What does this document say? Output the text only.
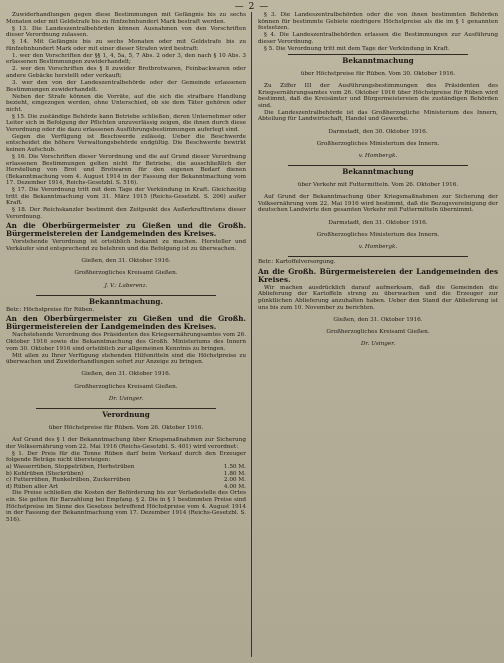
— 2 —

Zuwiderhandlungen gegen diese Bestimmungen mit Gefängnis bis zu sechs Monaten oder mit Geldstrafe bis zu fünfzehnhundert Mark bestraft werden.

§ 13. Die Landeszentralbehörden können Ausnahmen von den Vorschriften dieser Verordnung zulassen.

§ 14. Mit Gefängnis bis zu sechs Monaten oder mit Geldstrafe bis zu fünfzehnhundert Mark oder mit einer dieser Strafen wird bestraft:

1. wer den Vorschriften der §§ 1, 4, 5a, 5, 7 Abs. 2 oder 3, den nach § 10 Abs. 3 erlassenen Bestimmungen zuwiderhandelt;

2. wer den Vorschriften des § 8 zuwider Brotbrotwaren, Feinbackwaren oder andere Gebäcke herstellt oder verkauft;

3. wer den von der Landeszentralbehörde oder der Gemeinde erlassenen Bestimmungen zuwiderhandelt.

Neben der Strafe können die Vorräte, auf die sich die strafbare Handlung bezieht, eingezogen werden, ohne Unterschied, ob sie dem Täter gehören oder nicht.

§ 15. Die zuständige Behörde kann Betriebe schließen, deren Unternehmer oder Leiter sich in Befolgung der Pflichten unzuverlässig zeigen, die ihnen durch diese Verordnung oder die dazu erlassenen Ausführungsbestimmungen auferlegt sind.

Gegen die Verfügung ist Beschwerde zulässig. Ueber die Beschwerde entscheidet die höhere Verwaltungsbehörde endgültig. Die Beschwerde bewirkt keinen Aufschub.

§ 16. Die Vorschriften dieser Verordnung und die auf Grund dieser Verordnung erlassenen Bestimmungen gelten nicht für Betriebe, die ausschließlich der Herstellung von Brot und Brotwaren für den eigenen Bedarf dienen (Bekanntmachung vom 4. August 1914 in der Fassung der Bekanntmachung vom 17. Dezember 1914, Reichs-Gesetzbl. S. 516).

§ 17. Die Verordnung tritt mit dem Tage der Verkündung in Kraft. Gleichzeitig tritt die Bekanntmachung vom 31. März 1915 (Reichs-Gesetzbl. S. 206) außer Kraft.

§ 18. Der Reichskanzler bestimmt den Zeitpunkt des Außerkrafttretens dieser Verordnung.

An die Oberbürgermeister zu Gießen und die Großh. Bürgermeistereien der Landgemeinden des Kreises.

Vorstehende Verordnung ist ortsüblich bekannt zu machen. Hersteller und Verkäufer sind entsprechend zu belehren und die Befolgung ist zu überwachen.

Gießen, den 31. Oktober 1916.

Großherzogliches Kreisamt Gießen.

J. V.: Laberenz.

Bekanntmachung.

Betr.: Höchstpreise für Rüben.

An den Oberbürgermeister zu Gießen und die Großh. Bürgermeistereien der Landgemeinden des Kreises.

Nachstehende Verordnung des Präsidenten des Kriegsernährungsamtes vom 26. Oktober 1916 sowie die Bekanntmachung des Großh. Ministeriums des Innern vom 30. Oktober 1916 sind ortsüblich zur allgemeinen Kenntnis zu bringen.

Mit allen zu Ihrer Verfügung stehenden Hilfsmitteln sind die Höchstpreise zu überwachen und Zuwiderhandlungen sofort zur Anzeige zu bringen.

Gießen, den 31. Oktober 1916.

Großherzogliches Kreisamt Gießen.

Dr. Usinger.

Verordnung

über Höchstpreise für Rüben. Vom 26. Oktober 1916.

Auf Grund des § 1 der Bekanntmachung über Kriegsmaßnahmen zur Sicherung der Volksernährung vom 22. Mai 1916 (Reichs-Gesetzbl. S. 401) wird verordnet:

§ 1. Der Preis für die Tonne Rüben darf beim Verkauf durch den Erzeuger folgende Beträge nicht übersteigen:

a) Wasserrüben, Stoppelrüben, Herbstrüben	1.50 M.
b) Kohlrüben (Steckrüben)	1.80 M.
c) Futterrüben, Runkelrüben, Zuckerrüben	2.00 M.
d) Rüben aller Art	4.00 M.

Die Preise schließen die Kosten der Beförderung bis zur Verladestelle des Ortes ein. Sie gelten für Barzahlung bei Empfang. § 2. Die in § 1 bestimmten Preise sind Höchstpreise im Sinne des Gesetzes betreffend Höchstpreise vom 4. August 1914 in der Fassung der Bekanntmachung vom 17. Dezember 1914 (Reichs-Gesetzbl. S. 516).

§ 3. Die Landeszentralbehörden oder die von ihnen bestimmten Behörden können für bestimmte Gebiete niedrigere Höchstpreise als die im § 1 genannten festsetzen.

§ 4. Die Landeszentralbehörden erlassen die Bestimmungen zur Ausführung dieser Verordnung.

§ 5. Die Verordnung tritt mit dem Tage der Verkündung in Kraft.

Bekanntmachung

über Höchstpreise für Rüben. Vom 30. Oktober 1916.

Zu Ziffer III der Ausführungsbestimmungen des Präsidenten des Kriegsernährungsamtes vom 26. Oktober 1916 über Höchstpreise für Rüben wird bestimmt, daß die Kreisämter und Bürgermeistereien die zuständigen Behörden sind.

Die Landeszentralbehörde ist das Großherzogliche Ministerium des Innern, Abteilung für Landwirtschaft, Handel und Gewerbe.

Darmstadt, den 30. Oktober 1916.

Großherzogliches Ministerium des Innern.

v. Hombergk.

Bekanntmachung

über Verkehr mit Futtermitteln. Vom 26. Oktober 1916.

Auf Grund der Bekanntmachung über Kriegsmaßnahmen zur Sicherung der Volksernährung vom 22. Mai 1916 wird bestimmt, daß die Bezugsvereinigung der deutschen Landwirte den gesamten Verkehr mit Futtermitteln übernimmt.

Darmstadt, den 31. Oktober 1916.

Großherzogliches Ministerium des Innern.

v. Hombergk.

Betr.: Kartoffelversorgung.

An die Großh. Bürgermeistereien der Landgemeinden des Kreises.

Wir machen ausdrücklich darauf aufmerksam, daß die Gemeinden die Ablieferung der Kartoffeln streng zu überwachen und die Erzeuger zur pünktlichen Ablieferung anzuhalten haben. Ueber den Stand der Ablieferung ist uns bis zum 10. November zu berichten.

Gießen, den 31. Oktober 1916.

Großherzogliches Kreisamt Gießen.

Dr. Usinger.
